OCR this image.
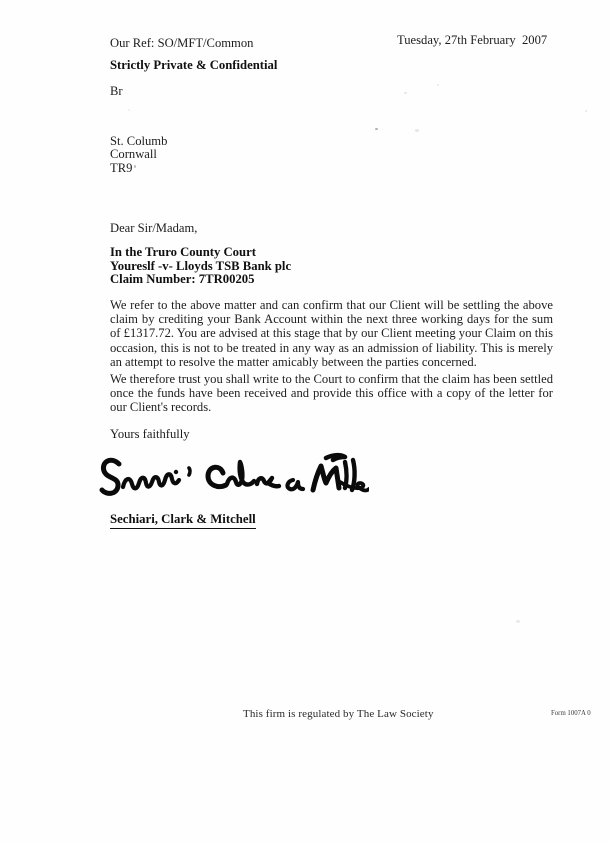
Our Ref: SO/MFT/Common	Tuesday, 27th February  2007
Strictly Private & Confidential
Br
St. Columb
Cornwall
TR9
Dear Sir/Madam,
In the Truro County Court
Youreslf -v- Lloyds TSB Bank plc
Claim Number: 7TR00205
We refer to the above matter and can confirm that our Client will be settling the above claim by crediting your Bank Account within the next three working days for the sum of £1317.72. You are advised at this stage that by our Client meeting your Claim on this occasion, this is not to be treated in any way as an admission of liability. This is merely an attempt to resolve the matter amicably between the parties concerned.
We therefore trust you shall write to the Court to confirm that the claim has been settled once the funds have been received and provide this office with a copy of the letter for our Client's records.
Yours faithfully
Sechiari, Clark & Mitchell
This firm is regulated by The Law Society	Form 1007A 0
